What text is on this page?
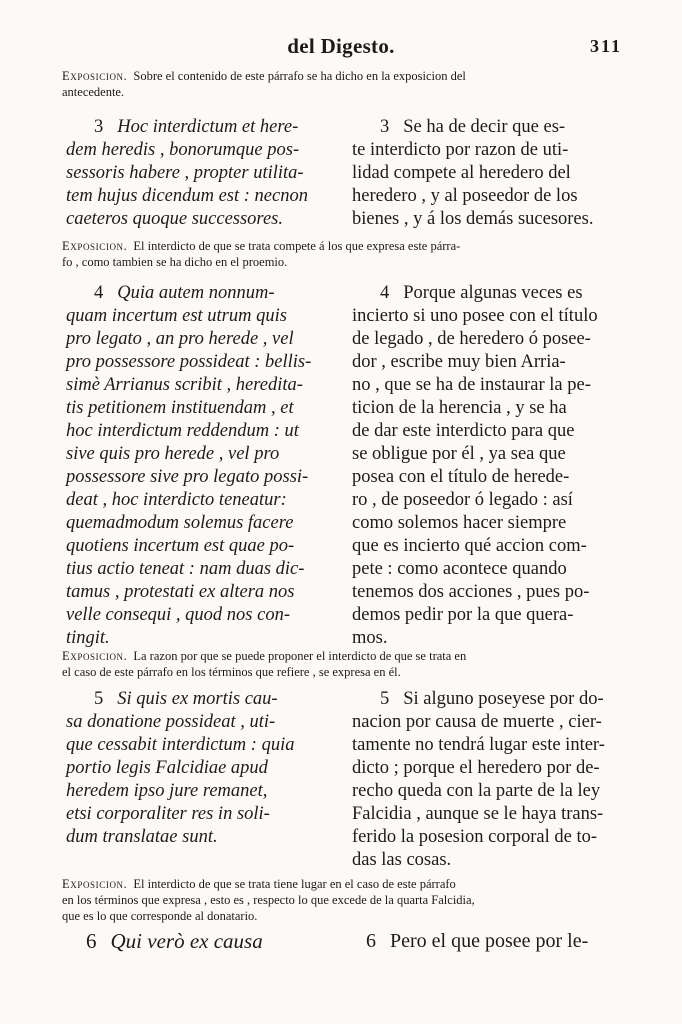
del Digesto.	311
Exposicion. Sobre el contenido de este párrafo se ha dicho en la exposicion del
antecedente.
3 Hoc interdictum et here-
dem heredis , bonorumque pos-
sessoris habere , propter utilita-
tem hujus dicendum est : necnon
caeteros quoque successores.
3 Se ha de decir que es-
te interdicto por razon de uti-
lidad compete al heredero del
heredero , y al poseedor de los
bienes , y á los demás sucesores.
Exposicion. El interdicto de que se trata compete á los que expresa este párra-
fo , como tambien se ha dicho en el proemio.
4 Quia autem nonnum-
quam incertum est utrum quis
pro legato , an pro herede , vel
pro possessore possideat : bellis-
simè Arrianus scribit , heredita-
tis petitionem instituendam , et
hoc interdictum reddendum : ut
sive quis pro herede , vel pro
possessore sive pro legato possi-
deat , hoc interdicto teneatur:
quemadmodum solemus facere
quotiens incertum est quae po-
tius actio teneat : nam duas dic-
tamus , protestati ex altera nos
velle consequi , quod nos con-
tingit.
4 Porque algunas veces es
incierto si uno posee con el título
de legado , de heredero ó posee-
dor , escribe muy bien Arria-
no , que se ha de instaurar la pe-
ticion de la herencia , y se ha
de dar este interdicto para que
se obligue por él , ya sea que
posea con el título de herede-
ro , de poseedor ó legado : así
como solemos hacer siempre
que es incierto qué accion com-
pete : como acontece quando
tenemos dos acciones , pues po-
demos pedir por la que quera-
mos.
Exposicion. La razon por que se puede proponer el interdicto de que se trata en
el caso de este párrafo en los términos que refiere , se expresa en él.
5 Si quis ex mortis cau-
sa donatione possideat , uti-
que cessabit interdictum : quia
portio legis Falcidiae apud
heredem ipso jure remanet,
etsi corporaliter res in soli-
dum translatae sunt.
5 Si alguno poseyese por do-
nacion por causa de muerte , cier-
tamente no tendrá lugar este inter-
dicto ; porque el heredero por de-
recho queda con la parte de la ley
Falcidia , aunque se le haya trans-
ferido la posesion corporal de to-
das las cosas.
Exposicion. El interdicto de que se trata tiene lugar en el caso de este párrafo
en los términos que expresa , esto es , respecto lo que excede de la quarta Falcidia,
que es lo que corresponde al donatario.
6 Qui verò ex causa	6 Pero el que posee por le-
